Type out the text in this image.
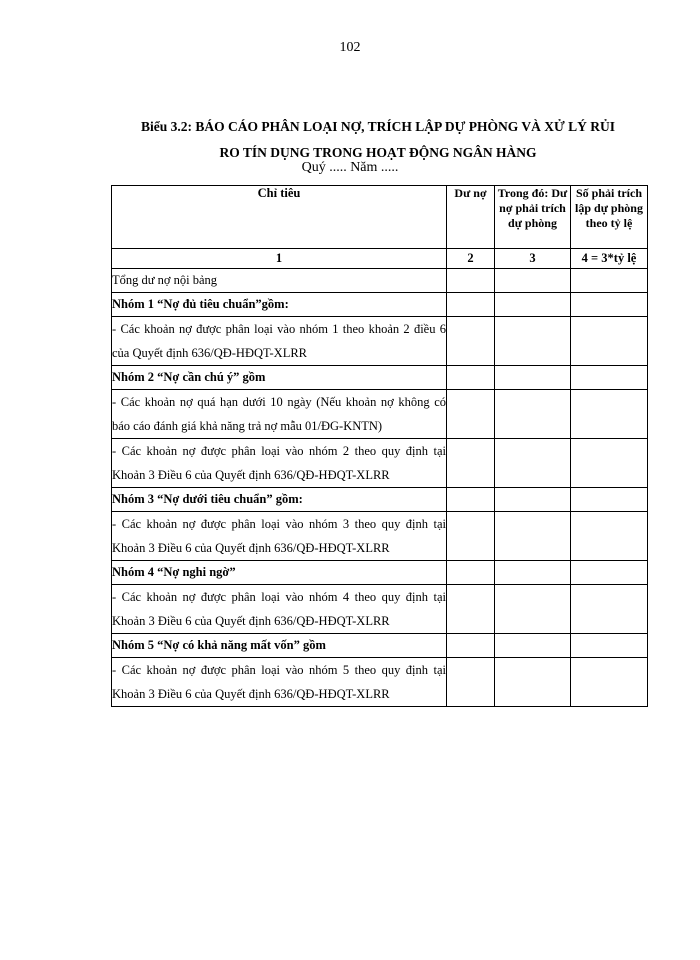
102
Biểu 3.2: BÁO CÁO PHÂN LOẠI NỢ, TRÍCH LẬP DỰ PHÒNG VÀ XỬ LÝ RỦI
RO TÍN DỤNG TRONG HOẠT ĐỘNG NGÂN HÀNG
Quý ..... Năm .....
Chỉ tiêu	Dư nợ	Trong đó: Dư nợ phải trích dự phòng	Số phải trích lập dự phòng theo tỷ lệ
1	2	3	4 = 3*tỷ lệ
Tổng dư nợ nội bảng			
Nhóm 1 “Nợ đủ tiêu chuẩn”gồm:			
- Các khoản nợ được phân loại vào nhóm 1 theo khoản 2 điều 6 của Quyết định 636/QĐ-HĐQT-XLRR			
Nhóm 2 “Nợ cần chú ý” gồm			
- Các khoản nợ quá hạn dưới 10 ngày (Nếu khoản nợ không có báo cáo đánh giá khả năng trả nợ mẫu 01/ĐG-KNTN)			
- Các khoản nợ được phân loại vào nhóm 2 theo quy định tại Khoản 3 Điều 6 của Quyết định 636/QĐ-HĐQT-XLRR			
Nhóm 3 “Nợ dưới tiêu chuẩn” gồm:			
- Các khoản nợ được phân loại vào nhóm 3 theo quy định tại Khoản 3 Điều 6 của Quyết định 636/QĐ-HĐQT-XLRR			
Nhóm 4 “Nợ nghi ngờ”			
- Các khoản nợ được phân loại vào nhóm 4 theo quy định tại Khoản 3 Điều 6 của Quyết định 636/QĐ-HĐQT-XLRR			
Nhóm 5 “Nợ có khả năng mất vốn” gồm			
- Các khoản nợ được phân loại vào nhóm 5 theo quy định tại Khoản 3 Điều 6 của Quyết định 636/QĐ-HĐQT-XLRR			
